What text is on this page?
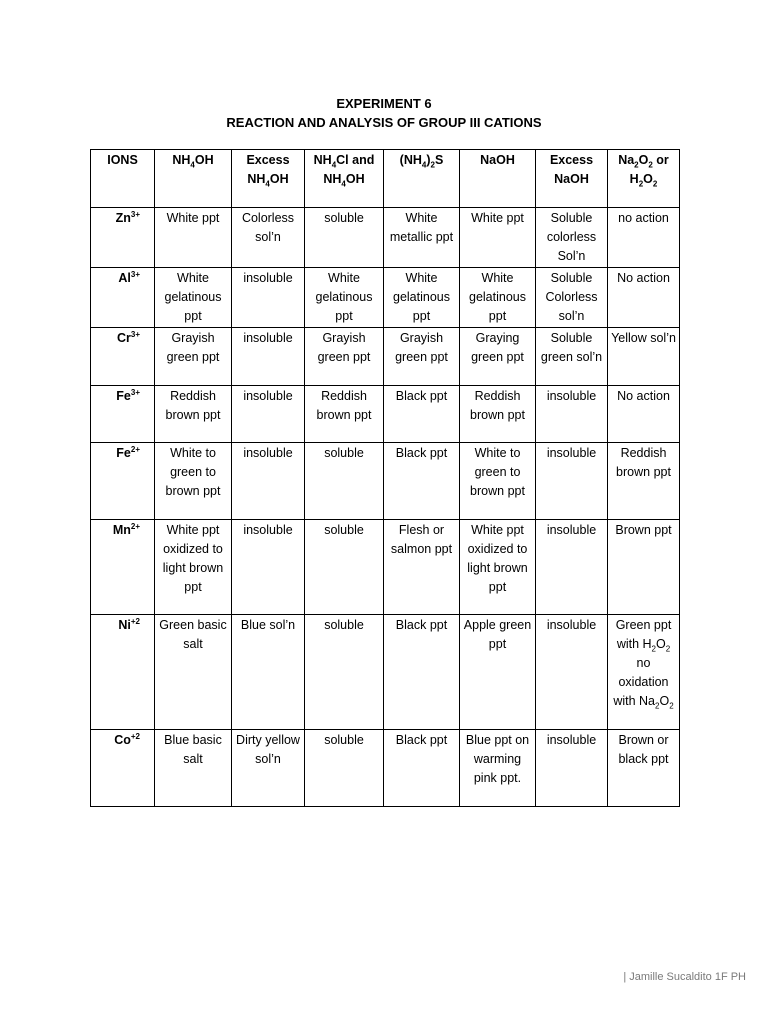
EXPERIMENT 6
REACTION AND ANALYSIS OF GROUP III CATIONS
IONS	$NH_4OH$	Excess $NH_4OH$	$NH_4Cl$ and $NH_4OH$	$(NH_4)_2S$	NaOH	Excess NaOH	$Na_2O_2$ or $H_2O_2$
$Zn^{3+}$	White ppt	Colorless sol’n	soluble	White metallic ppt	White ppt	Soluble colorless Sol’n	no action
$Al^{3+}$	White gelatinous ppt	insoluble	White gelatinous ppt	White gelatinous ppt	White gelatinous ppt	Soluble Colorless sol’n	No action
$Cr^{3+}$	Grayish green ppt	insoluble	Grayish green ppt	Grayish green ppt	Graying green ppt	Soluble green sol’n	Yellow sol’n
$Fe^{3+}$	Reddish brown ppt	insoluble	Reddish brown ppt	Black ppt	Reddish brown ppt	insoluble	No action
$Fe^{2+}$	White to green to brown ppt	insoluble	soluble	Black ppt	White to green to brown ppt	insoluble	Reddish brown ppt
$Mn^{2+}$	White ppt oxidized to light brown ppt	insoluble	soluble	Flesh or salmon ppt	White ppt oxidized to light brown ppt	insoluble	Brown ppt
$Ni^{+2}$	Green basic salt	Blue sol’n	soluble	Black ppt	Apple green ppt	insoluble	Green ppt with $H_2O_2$ no oxidation with $Na_2O_2$
$Co^{+2}$	Blue basic salt	Dirty yellow sol’n	soluble	Black ppt	Blue ppt on warming pink ppt.	insoluble	Brown or black ppt
| Jamille Sucaldito 1F PH
